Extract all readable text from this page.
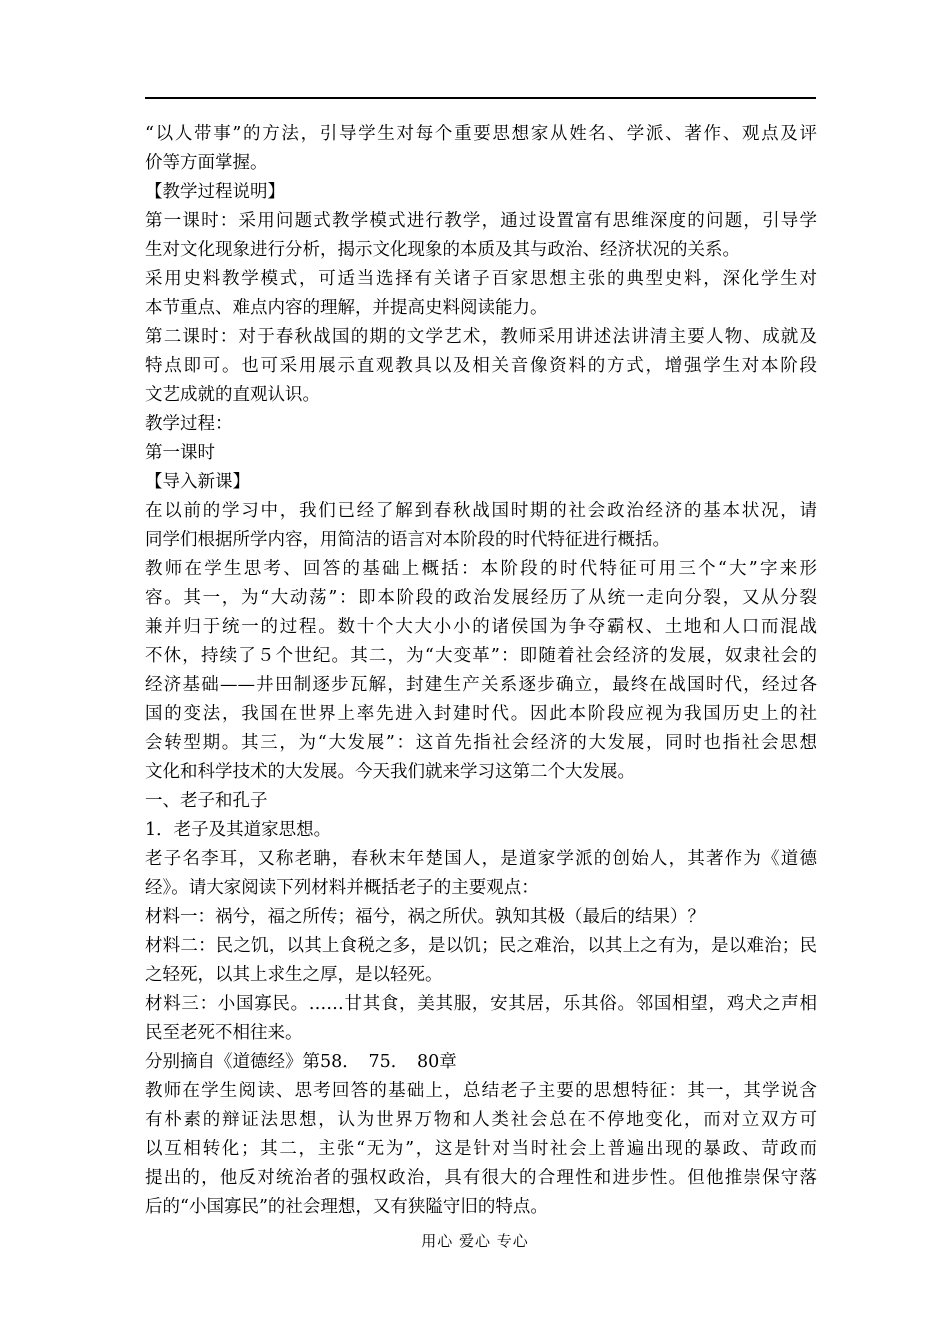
“以人带事”的方法，引导学生对每个重要思想家从姓名、学派、著作、观点及评
价等方面掌握。
【教学过程说明】
第一课时：采用问题式教学模式进行教学，通过设置富有思维深度的问题，引导学
生对文化现象进行分析，揭示文化现象的本质及其与政治、经济状况的关系。
采用史料教学模式，可适当选择有关诸子百家思想主张的典型史料，深化学生对
本节重点、难点内容的理解，并提高史料阅读能力。
第二课时：对于春秋战国的期的文学艺术，教师采用讲述法讲清主要人物、成就及
特点即可。也可采用展示直观教具以及相关音像资料的方式，增强学生对本阶段
文艺成就的直观认识。
教学过程：
第一课时
【导入新课】
在以前的学习中，我们已经了解到春秋战国时期的社会政治经济的基本状况，请
同学们根据所学内容，用简洁的语言对本阶段的时代特征进行概括。
教师在学生思考、回答的基础上概括：本阶段的时代特征可用三个“大”字来形
容。其一，为“大动荡”：即本阶段的政治发展经历了从统一走向分裂，又从分裂
兼并归于统一的过程。数十个大大小小的诸侯国为争夺霸权、土地和人口而混战
不休，持续了５个世纪。其二，为“大变革”：即随着社会经济的发展，奴隶社会的
经济基础——井田制逐步瓦解，封建生产关系逐步确立，最终在战国时代，经过各
国的变法，我国在世界上率先进入封建时代。因此本阶段应视为我国历史上的社
会转型期。其三，为“大发展”：这首先指社会经济的大发展，同时也指社会思想
文化和科学技术的大发展。今天我们就来学习这第二个大发展。
一、老子和孔子
1．老子及其道家思想。
老子名李耳，又称老聃，春秋末年楚国人，是道家学派的创始人，其著作为《道德
经》。请大家阅读下列材料并概括老子的主要观点：
材料一：祸兮，福之所传；福兮，祸之所伏。孰知其极（最后的结果）？
材料二：民之饥，以其上食税之多，是以饥；民之难治，以其上之有为，是以难治；民
之轻死，以其上求生之厚，是以轻死。
材料三：小国寡民。……甘其食，美其服，安其居，乐其俗。邻国相望，鸡犬之声相
民至老死不相往来。
分别摘自《道德经》第58．　75．　80章
教师在学生阅读、思考回答的基础上，总结老子主要的思想特征：其一，其学说含
有朴素的辩证法思想，认为世界万物和人类社会总在不停地变化，而对立双方可
以互相转化；其二，主张“无为”，这是针对当时社会上普遍出现的暴政、苛政而
提出的，他反对统治者的强权政治，具有很大的合理性和进步性。但他推崇保守落
后的“小国寡民”的社会理想，又有狭隘守旧的特点。
用心 爱心 专心
